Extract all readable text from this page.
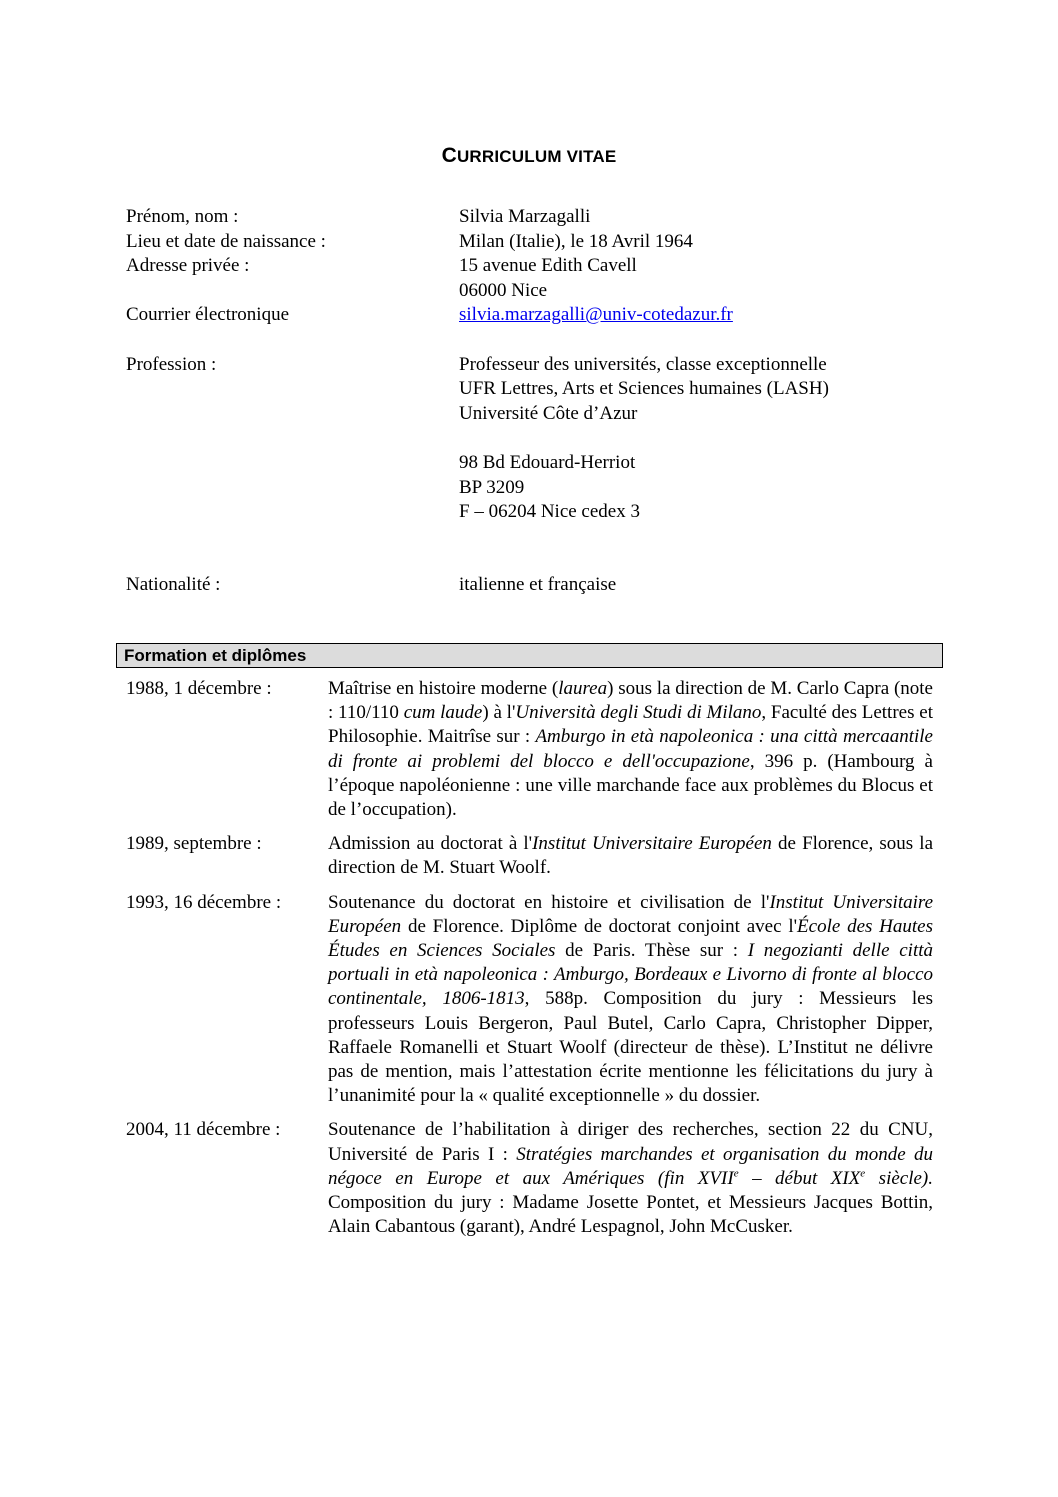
CURRICULUM VITAE
Prénom, nom :	Silvia Marzagalli
Lieu et date de naissance :	Milan (Italie), le 18 Avril 1964
Adresse privée :	15 avenue Edith Cavell
06000 Nice
Courrier électronique	silvia.marzagalli@univ-cotedazur.fr
Profession :	Professeur des universités, classe exceptionnelle
UFR Lettres, Arts et Sciences humaines (LASH)
Université Côte d’Azur
98 Bd Edouard-Herriot
BP 3209
F – 06204 Nice cedex 3
Nationalité :	italienne et française
Formation et diplômes
1988, 1 décembre :	Maîtrise en histoire moderne (laurea) sous la direction de M. Carlo Capra (note : 110/110 cum laude) à l'Università degli Studi di Milano, Faculté des Lettres et Philosophie. Maitrîse sur : Amburgo in età napoleonica : una città mercaantile di fronte ai problemi del blocco e dell'occupazione, 396 p. (Hambourg à l’époque napoléonienne : une ville marchande face aux problèmes du Blocus et de l’occupation).
1989, septembre :	Admission au doctorat à l'Institut Universitaire Européen de Florence, sous la direction de M. Stuart Woolf.
1993, 16 décembre :	Soutenance du doctorat en histoire et civilisation de l'Institut Universitaire Européen de Florence. Diplôme de doctorat conjoint avec l'École des Hautes Études en Sciences Sociales de Paris. Thèse sur : I negozianti delle città portuali in età napoleonica : Amburgo, Bordeaux e Livorno di fronte al blocco continentale, 1806-1813, 588p. Composition du jury : Messieurs les professeurs Louis Bergeron, Paul Butel, Carlo Capra, Christopher Dipper, Raffaele Romanelli et Stuart Woolf (directeur de thèse). L’Institut ne délivre pas de mention, mais l’attestation écrite mentionne les félicitations du jury à l’unanimité pour la « qualité exceptionnelle » du dossier.
2004, 11 décembre :	Soutenance de l’habilitation à diriger des recherches, section 22 du CNU, Université de Paris I : Stratégies marchandes et organisation du monde du négoce en Europe et aux Amériques (fin XVIIe – début XIXe siècle). Composition du jury : Madame Josette Pontet, et Messieurs Jacques Bottin, Alain Cabantous (garant), André Lespagnol, John McCusker.
